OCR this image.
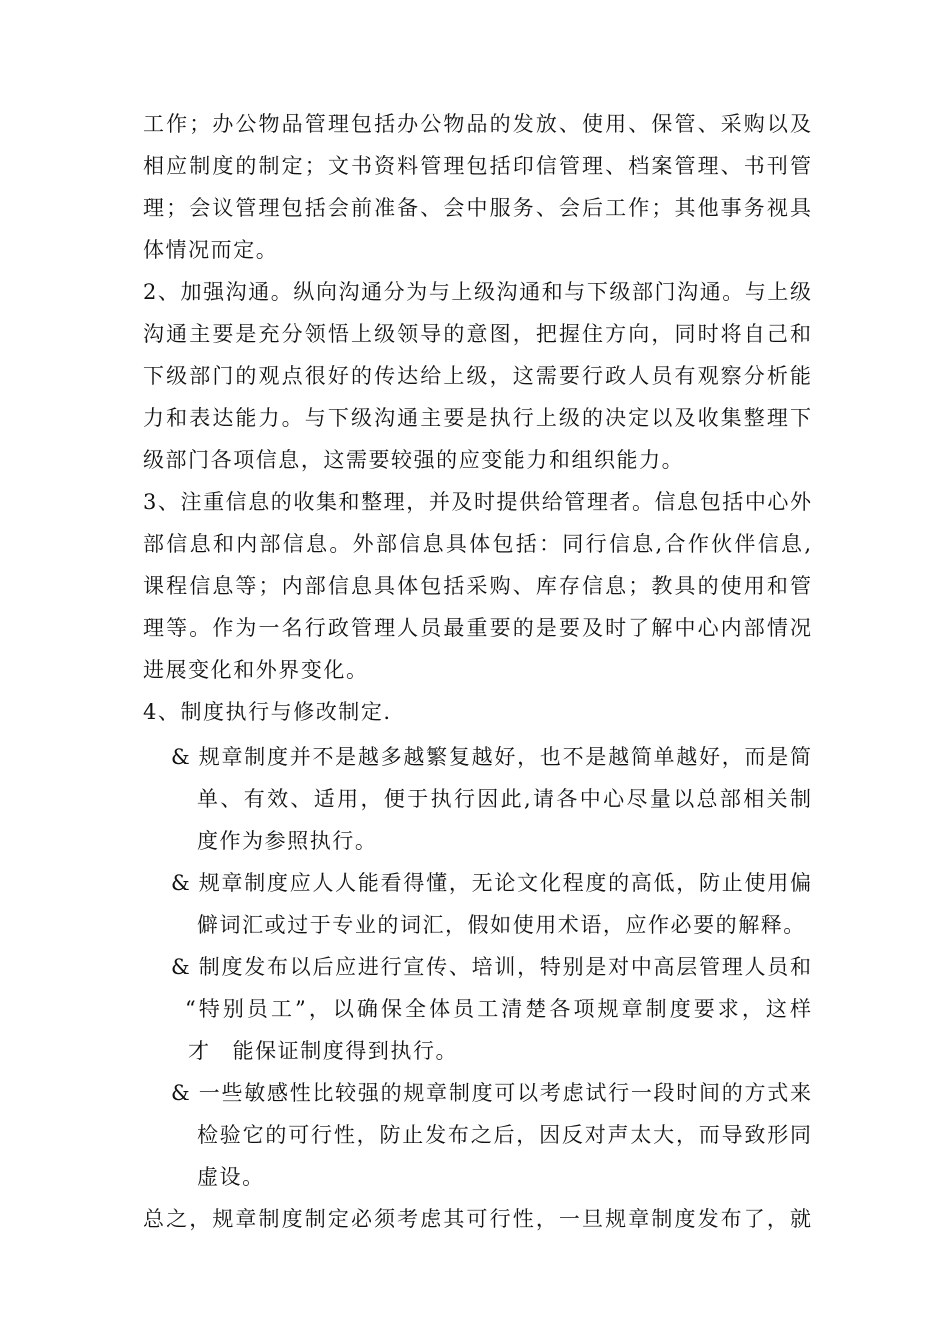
工作；办公物品管理包括办公物品的发放、使用、保管、采购以及
相应制度的制定；文书资料管理包括印信管理、档案管理、书刊管
理；会议管理包括会前准备、会中服务、会后工作；其他事务视具
体情况而定。
2、加强沟通。纵向沟通分为与上级沟通和与下级部门沟通。与上级
沟通主要是充分领悟上级领导的意图，把握住方向，同时将自己和
下级部门的观点很好的传达给上级，这需要行政人员有观察分析能
力和表达能力。与下级沟通主要是执行上级的决定以及收集整理下
级部门各项信息，这需要较强的应变能力和组织能力。
3、注重信息的收集和整理，并及时提供给管理者。信息包括中心外
部信息和内部信息。外部信息具体包括：同行信息,合作伙伴信息,
课程信息等；内部信息具体包括采购、库存信息；教具的使用和管
理等。作为一名行政管理人员最重要的是要及时了解中心内部情况
进展变化和外界变化。
4、制度执行与修改制定.
& 规章制度并不是越多越繁复越好，也不是越简单越好，而是简
单、有效、适用，便于执行因此,请各中心尽量以总部相关制
度作为参照执行。
& 规章制度应人人能看得懂，无论文化程度的高低，防止使用偏
僻词汇或过于专业的词汇，假如使用术语，应作必要的解释。
& 制度发布以后应进行宣传、培训，特别是对中高层管理人员和
“特别员工”，以确保全体员工清楚各项规章制度要求，这样
才 能保证制度得到执行。
& 一些敏感性比较强的规章制度可以考虑试行一段时间的方式来
检验它的可行性，防止发布之后，因反对声太大，而导致形同
虚设。
总之，规章制度制定必须考虑其可行性，一旦规章制度发布了，就
